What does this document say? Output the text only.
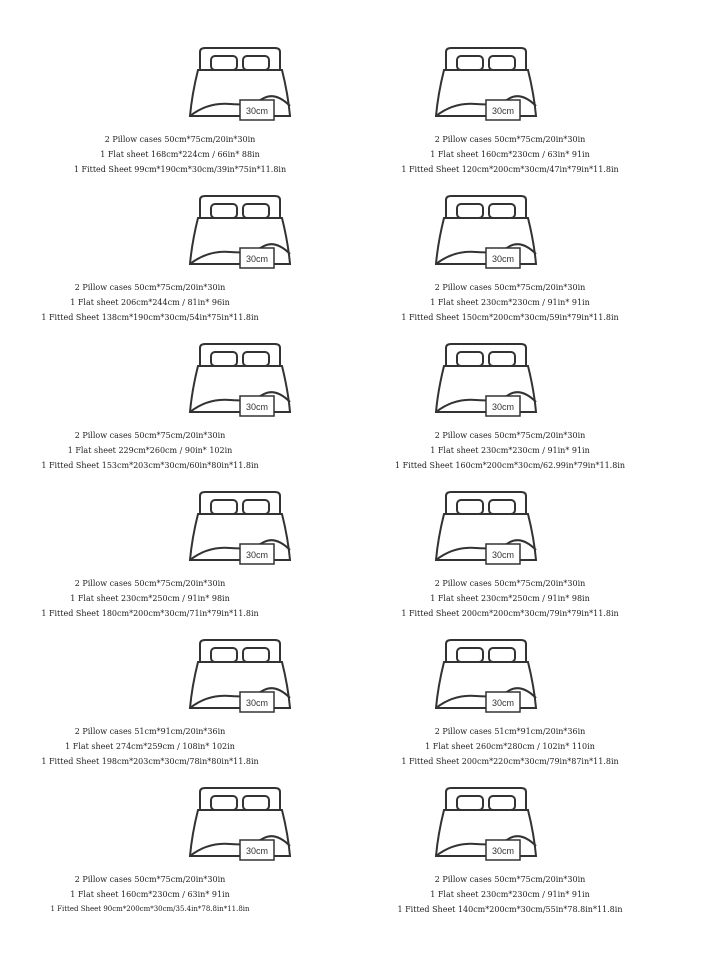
30cm
2 Pillow cases 50cm*75cm/20in*30in
1 Flat sheet 168cm*224cm / 66in* 88in
1 Fitted Sheet 99cm*190cm*30cm/39in*75in*11.8in
30cm
2 Pillow cases 50cm*75cm/20in*30in
1 Flat sheet 160cm*230cm / 63in* 91in
1 Fitted Sheet 120cm*200cm*30cm/47in*79in*11.8in
30cm
2 Pillow cases 50cm*75cm/20in*30in
1 Flat sheet 206cm*244cm / 81in* 96in
1 Fitted Sheet 138cm*190cm*30cm/54in*75in*11.8in
30cm
2 Pillow cases 50cm*75cm/20in*30in
1 Flat sheet 230cm*230cm / 91in* 91in
1 Fitted Sheet 150cm*200cm*30cm/59in*79in*11.8in
30cm
2 Pillow cases 50cm*75cm/20in*30in
1 Flat sheet 229cm*260cm / 90in* 102in
1 Fitted Sheet 153cm*203cm*30cm/60in*80in*11.8in
30cm
2 Pillow cases 50cm*75cm/20in*30in
1 Flat sheet 230cm*230cm / 91in* 91in
1 Fitted Sheet 160cm*200cm*30cm/62.99in*79in*11.8in
30cm
2 Pillow cases 50cm*75cm/20in*30in
1 Flat sheet 230cm*250cm / 91in* 98in
1 Fitted Sheet 180cm*200cm*30cm/71in*79in*11.8in
30cm
2 Pillow cases 50cm*75cm/20in*30in
1 Flat sheet 230cm*250cm / 91in* 98in
1 Fitted Sheet 200cm*200cm*30cm/79in*79in*11.8in
30cm
2 Pillow cases 51cm*91cm/20in*36in
1 Flat sheet 274cm*259cm / 108in* 102in
1 Fitted Sheet 198cm*203cm*30cm/78in*80in*11.8in
30cm
2 Pillow cases 51cm*91cm/20in*36in
1 Flat sheet 260cm*280cm / 102in* 110in
1 Fitted Sheet 200cm*220cm*30cm/79in*87in*11.8in
30cm
2 Pillow cases 50cm*75cm/20in*30in
1 Flat sheet 160cm*230cm / 63in* 91in
1 Fitted Sheet 90cm*200cm*30cm/35.4in*78.8in*11.8in
30cm
2 Pillow cases 50cm*75cm/20in*30in
1 Flat sheet 230cm*230cm / 91in* 91in
1 Fitted Sheet 140cm*200cm*30cm/55in*78.8in*11.8in
